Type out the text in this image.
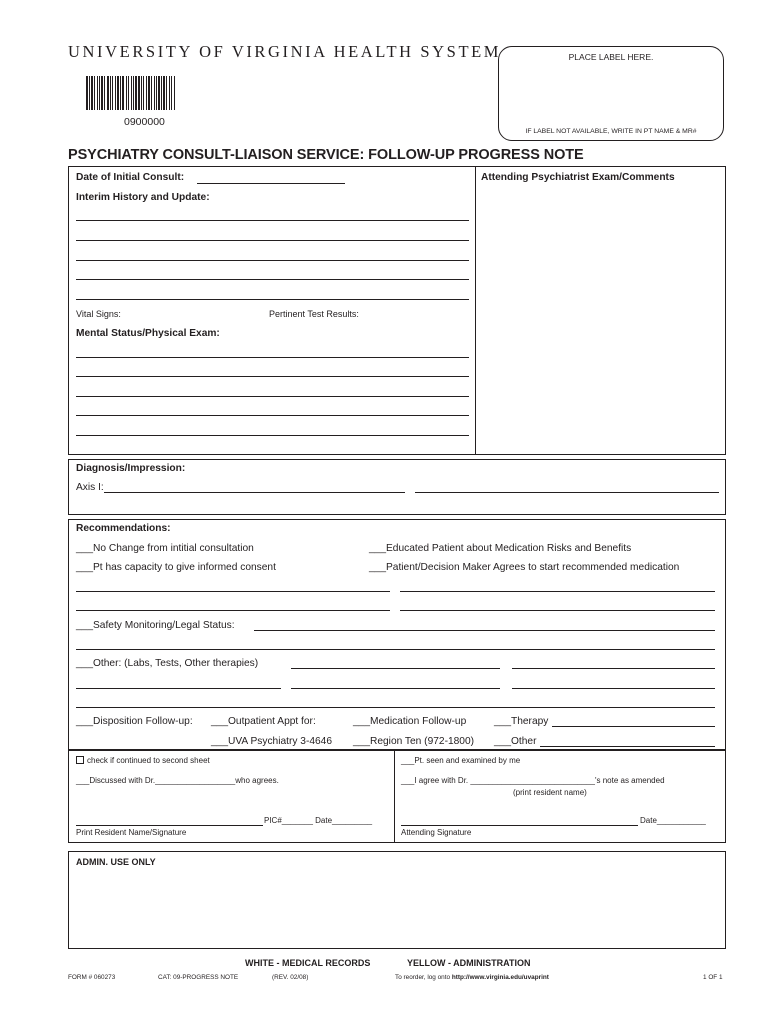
UNIVERSITY OF VIRGINIA HEALTH SYSTEM
0900000
PLACE LABEL HERE.
IF LABEL NOT AVAILABLE, WRITE IN PT NAME & MR#
PSYCHIATRY CONSULT-LIAISON SERVICE: FOLLOW-UP PROGRESS NOTE
Date of Initial Consult:	Attending Psychiatrist Exam/Comments
Interim History and Update:
Vital Signs:	Pertinent Test Results:
Mental Status/Physical Exam:
Diagnosis/Impression:
Axis I:
Recommendations:
___No Change from intitial consultation	___Educated Patient about Medication Risks and Benefits
___Pt has capacity to give informed consent	___Patient/Decision Maker Agrees to start recommended medication
___Safety Monitoring/Legal Status:
___Other: (Labs, Tests, Other therapies)
___Disposition Follow-up: ___Outpatient Appt for:	___Medication Follow-up	___Therapy
___UVA Psychiatry 3-4646 ___Region Ten (972-1800) ___Other
check if continued to second sheet
___Discussed with Dr.__________________who agrees.
PIC#_______ Date_________
Print Resident Name/Signature
___Pt. seen and examined by me
___I agree with Dr. ____________________________'s note as amended
(print resident name)
Date___________
Attending Signature
ADMIN. USE ONLY
WHITE - MEDICAL RECORDS	YELLOW - ADMINISTRATION
FORM # 060273	CAT: 09-PROGRESS NOTE	(REV. 02/08)	To reorder, log onto http://www.virginia.edu/uvaprint	1 OF 1
